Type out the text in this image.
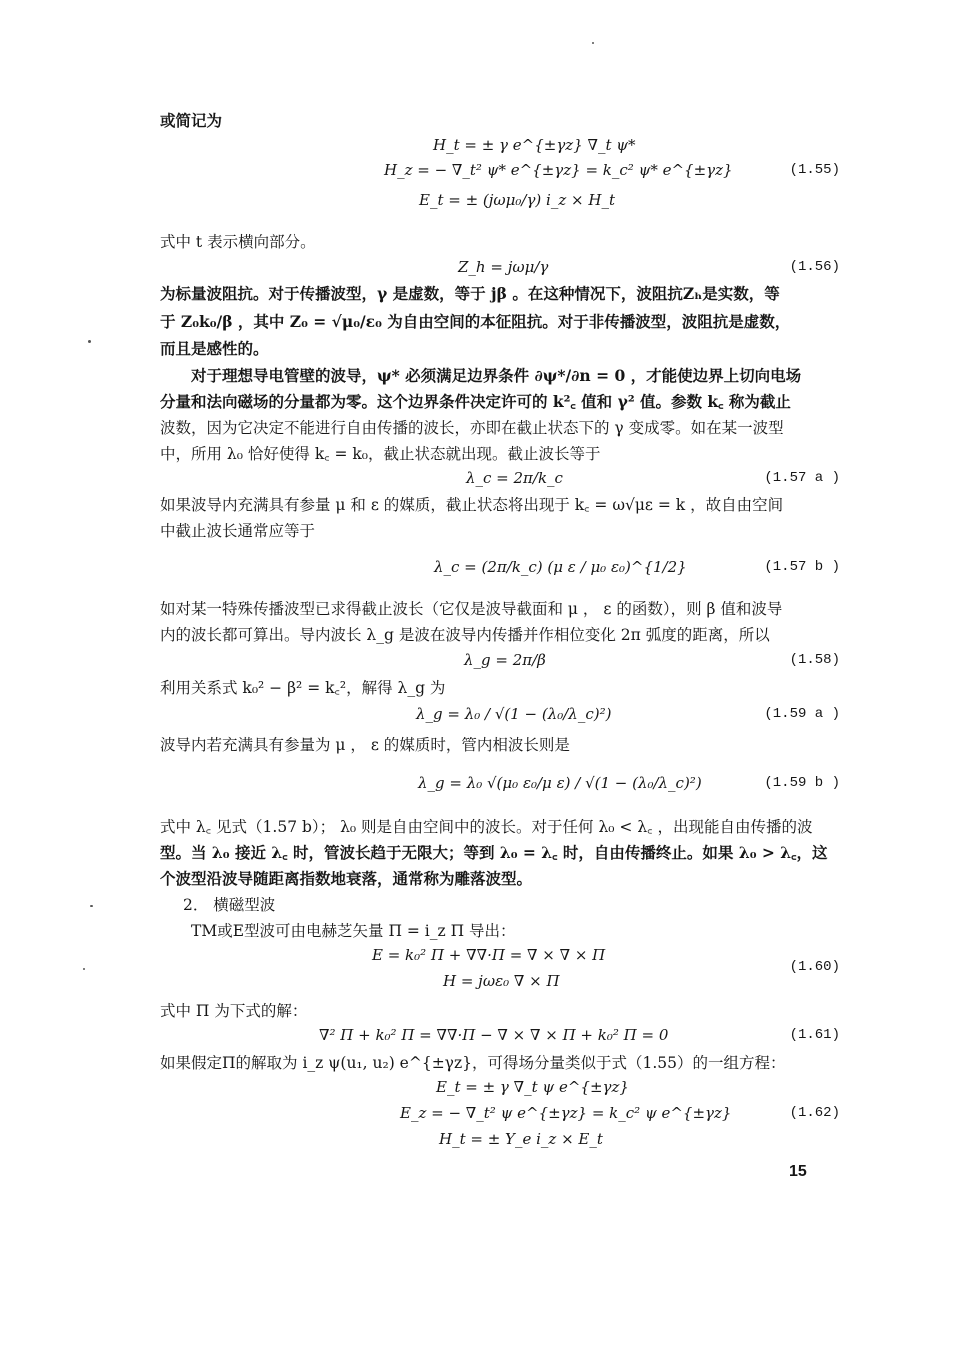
或简记为
H_t = ± γ e^{±γz} ∇_t ψ*
H_z = − ∇_t² ψ* e^{±γz} = k_c² ψ* e^{±γz}
E_t = ± (jωμ₀/γ) i_z × H_t
(1.55)
式中 t 表示横向部分。
Z_h = jωμ/γ	(1.56)
为标量波阻抗。对于传播波型，γ 是虚数，等于 jβ 。在这种情况下，波阻抗Zₕ是实数，等
于 Z₀k₀/β ，其中 Z₀ = √μ₀/ε₀ 为自由空间的本征阻抗。对于非传播波型，波阻抗是虚数，
而且是感性的。
对于理想导电管壁的波导，ψ* 必须满足边界条件 ∂ψ*/∂n = 0 ，才能使边界上切向电场
分量和法向磁场的分量都为零。这个边界条件决定许可的 k²꜀ 值和 γ² 值。参数 k꜀ 称为截止
波数，因为它决定不能进行自由传播的波长，亦即在截止状态下的 γ 变成零。如在某一波型
中，所用 λ₀ 恰好使得 k꜀ = k₀，截止状态就出现。截止波长等于
λ_c = 2π/k_c	(1.57 a )
如果波导内充满具有参量 μ 和 ε 的媒质，截止状态将出现于 k꜀ = ω√με = k ，故自由空间
中截止波长通常应等于
λ_c = (2π/k_c) (μ ε / μ₀ ε₀)^{1/2}	(1.57 b )
如对某一特殊传播波型已求得截止波长（它仅是波导截面和 μ ， ε 的函数），则 β 值和波导
内的波长都可算出。导内波长 λ_g 是波在波导内传播并作相位变化 2π 弧度的距离，所以
λ_g = 2π/β	(1.58)
利用关系式 k₀² − β² = k꜀²，解得 λ_g 为
λ_g = λ₀ / √(1 − (λ₀/λ_c)²)	(1.59 a )
波导内若充满具有参量为 μ ， ε 的媒质时，管内相波长则是
λ_g = λ₀ √(μ₀ ε₀/μ ε) / √(1 − (λ₀/λ_c)²)	(1.59 b )
式中 λ꜀ 见式（1.57 b）； λ₀ 则是自由空间中的波长。对于任何 λ₀ < λ꜀ ，出现能自由传播的波
型。当 λ₀ 接近 λ꜀ 时，管波长趋于无限大；等到 λ₀ = λ꜀ 时，自由传播终止。如果 λ₀ > λ꜀，这
个波型沿波导随距离指数地衰落，通常称为雕落波型。
2． 横磁型波
TM或E型波可由电赫芝矢量 Π = i_z Π 导出：
E = k₀² Π + ∇∇·Π = ∇ × ∇ × Π
H = jωε₀ ∇ × Π
(1.60)
式中 Π 为下式的解：
∇² Π + k₀² Π = ∇∇·Π − ∇ × ∇ × Π + k₀² Π = 0	(1.61)
如果假定Π的解取为 i_z ψ(u₁, u₂) e^{±γz}，可得场分量类似于式（1.55）的一组方程：
E_t = ± γ ∇_t ψ e^{±γz}
E_z = − ∇_t² ψ e^{±γz} = k_c² ψ e^{±γz}
H_t = ± Y_e i_z × E_t
(1.62)
15
